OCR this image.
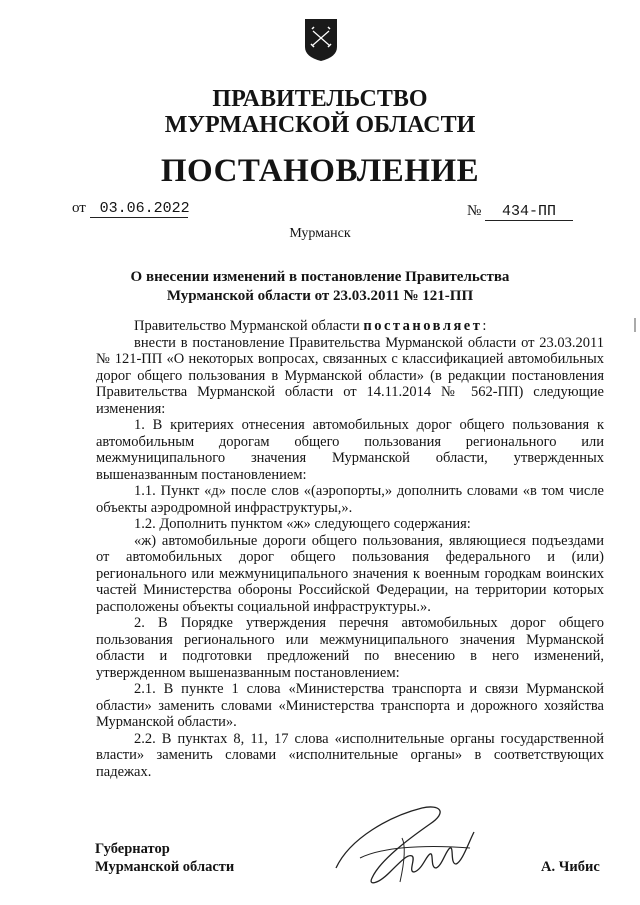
ПРАВИТЕЛЬСТВО
МУРМАНСКОЙ ОБЛАСТИ
ПОСТАНОВЛЕНИЕ
от 03.06.2022	№ 434-ПП
Мурманск
О внесении изменений в постановление Правительства
Мурманской области от 23.03.2011 № 121-ПП

Правительство Мурманской области постановляет:

внести в постановление Правительства Мурманской области от 23.03.2011 № 121-ПП «О некоторых вопросах, связанных с классификацией автомобильных дорог общего пользования в Мурманской области» (в редакции постановления Правительства Мурманской области от 14.11.2014 № 562-ПП) следующие изменения:

1. В критериях отнесения автомобильных дорог общего пользования к автомобильным дорогам общего пользования регионального или межмуниципального значения Мурманской области, утвержденных вышеназванным постановлением:

1.1. Пункт «д» после слов «(аэропорты,» дополнить словами «в том числе объекты аэродромной инфраструктуры,».

1.2. Дополнить пунктом «ж» следующего содержания:

«ж) автомобильные дороги общего пользования, являющиеся подъездами от автомобильных дорог общего пользования федерального и (или) регионального или межмуниципального значения к военным городкам воинских частей Министерства обороны Российской Федерации, на территории которых расположены объекты социальной инфраструктуры.».

2. В Порядке утверждения перечня автомобильных дорог общего пользования регионального или межмуниципального значения Мурманской области и подготовки предложений по внесению в него изменений, утвержденном вышеназванным постановлением:

2.1. В пункте 1 слова «Министерства транспорта и связи Мурманской области» заменить словами «Министерства транспорта и дорожного хозяйства Мурманской области».

2.2. В пунктах 8, 11, 17 слова «исполнительные органы государственной власти» заменить словами «исполнительные органы» в соответствующих падежах.

Губернатор
Мурманской области	А. Чибис
